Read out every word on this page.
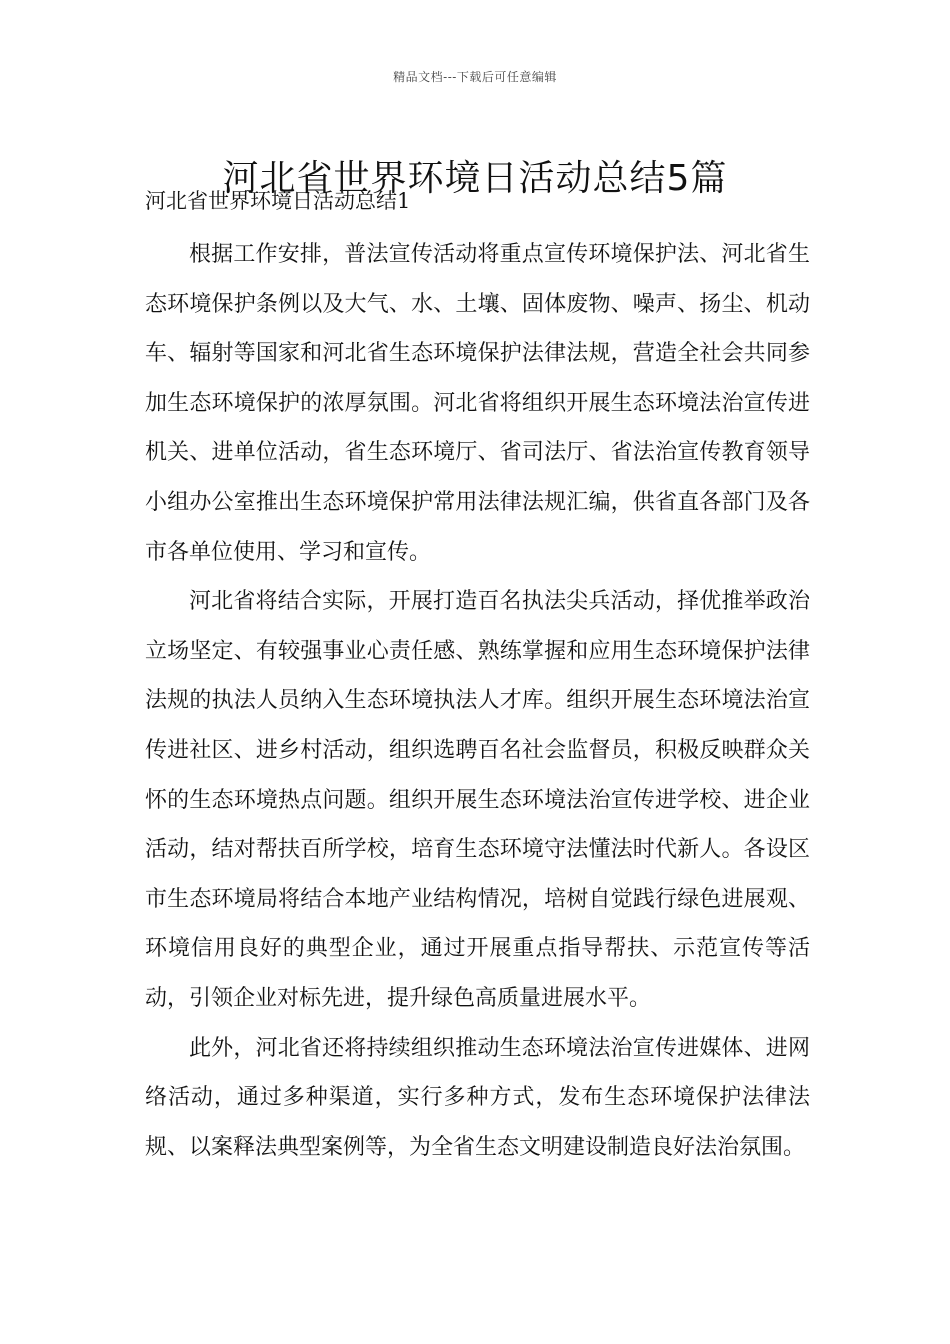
精品文档---下载后可任意编辑
河北省世界环境日活动总结5篇
河北省世界环境日活动总结1

根据工作安排，普法宣传活动将重点宣传环境保护法、河北省生态环境保护条例以及大气、水、土壤、固体废物、噪声、扬尘、机动车、辐射等国家和河北省生态环境保护法律法规，营造全社会共同参加生态环境保护的浓厚氛围。河北省将组织开展生态环境法治宣传进机关、进单位活动，省生态环境厅、省司法厅、省法治宣传教育领导小组办公室推出生态环境保护常用法律法规汇编，供省直各部门及各市各单位使用、学习和宣传。

河北省将结合实际，开展打造百名执法尖兵活动，择优推举政治立场坚定、有较强事业心责任感、熟练掌握和应用生态环境保护法律法规的执法人员纳入生态环境执法人才库。组织开展生态环境法治宣传进社区、进乡村活动，组织选聘百名社会监督员，积极反映群众关怀的生态环境热点问题。组织开展生态环境法治宣传进学校、进企业活动，结对帮扶百所学校，培育生态环境守法懂法时代新人。各设区市生态环境局将结合本地产业结构情况，培树自觉践行绿色进展观、环境信用良好的典型企业，通过开展重点指导帮扶、示范宣传等活动，引领企业对标先进，提升绿色高质量进展水平。

此外，河北省还将持续组织推动生态环境法治宣传进媒体、进网络活动，通过多种渠道，实行多种方式，发布生态环境保护法律法规、以案释法典型案例等，为全省生态文明建设制造良好法治氛围。
